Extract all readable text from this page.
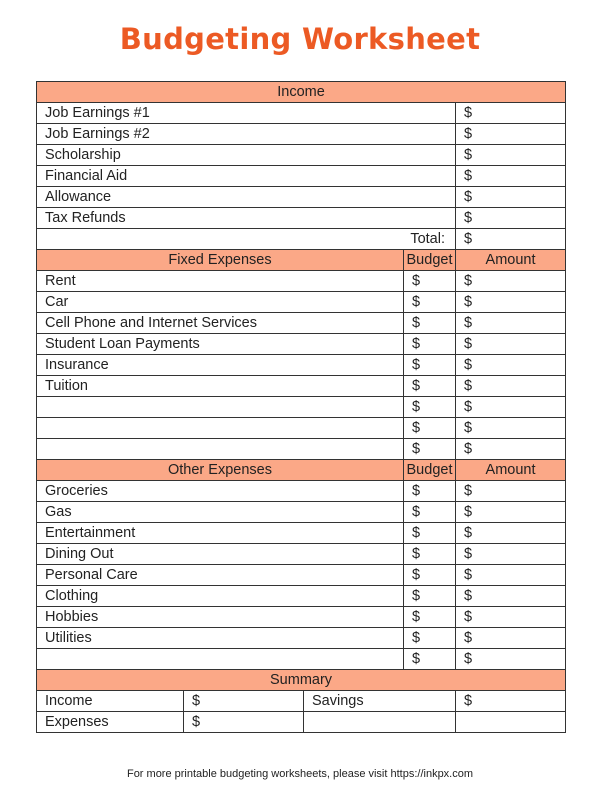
Budgeting Worksheet
Income				
Job Earnings #1				$
Job Earnings #2				$
Scholarship				$
Financial Aid				$
Allowance				$
Tax Refunds				$
Total:				$
Fixed Expenses			Budget	Amount
Rent			$	$
Car			$	$
Cell Phone and Internet Services			$	$
Student Loan Payments			$	$
Insurance			$	$
Tuition			$	$
			$	$
			$	$
			$	$
Other Expenses			Budget	Amount
Groceries			$	$
Gas			$	$
Entertainment			$	$
Dining Out			$	$
Personal Care			$	$
Clothing			$	$
Hobbies			$	$
Utilities			$	$
			$	$
Summary				
Income	$	Savings		$
Expenses	$			
For more printable budgeting worksheets, please visit https://inkpx.com
